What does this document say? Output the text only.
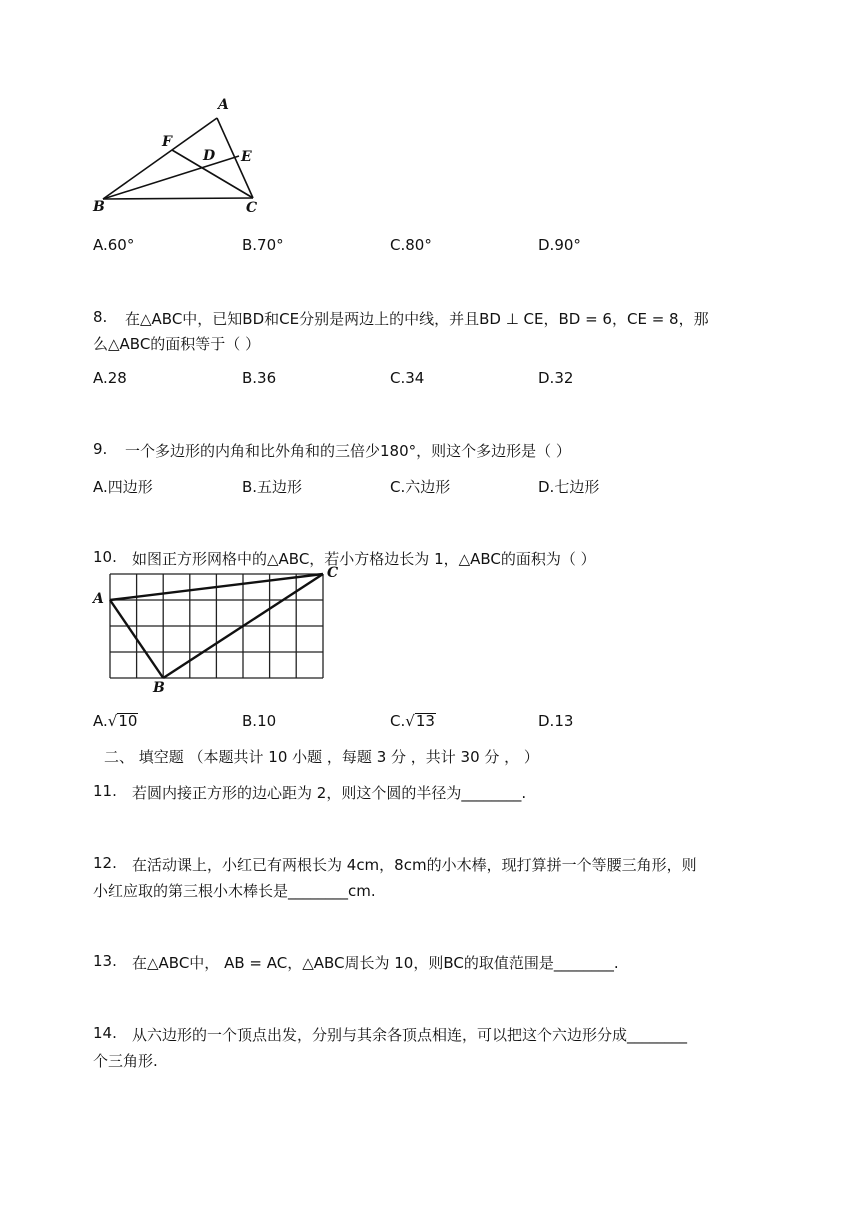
A
F
D E
B	C
A.60°	B.70°	C.80°	D.90°
8. 在△ABC中，已知BD和CE分别是两边上的中线，并且BD ⊥ CE，BD = 6，CE = 8，那
么△ABC的面积等于（ ）
A.28	B.36	C.34	D.32
9. 一个多边形的内角和比外角和的三倍少180°，则这个多边形是（ ）
A.四边形	B.五边形	C.六边形	D.七边形
10. 如图正方形网格中的△ABC，若小方格边长为 1，△ABC的面积为（ ）
A
C
B
A.√10	B.10	C.√13	D.13
二、 填空题 （本题共计 10 小题 ，每题 3 分 ，共计 30 分 ， ）
11. 若圆内接正方形的边心距为 2，则这个圆的半径为________.
12. 在活动课上，小红已有两根长为 4cm，8cm的小木棒，现打算拼一个等腰三角形，则
小红应取的第三根小木棒长是________cm.
13. 在△ABC中， AB = AC，△ABC周长为 10，则BC的取值范围是________.
14. 从六边形的一个顶点出发，分别与其余各顶点相连，可以把这个六边形分成________
个三角形.
